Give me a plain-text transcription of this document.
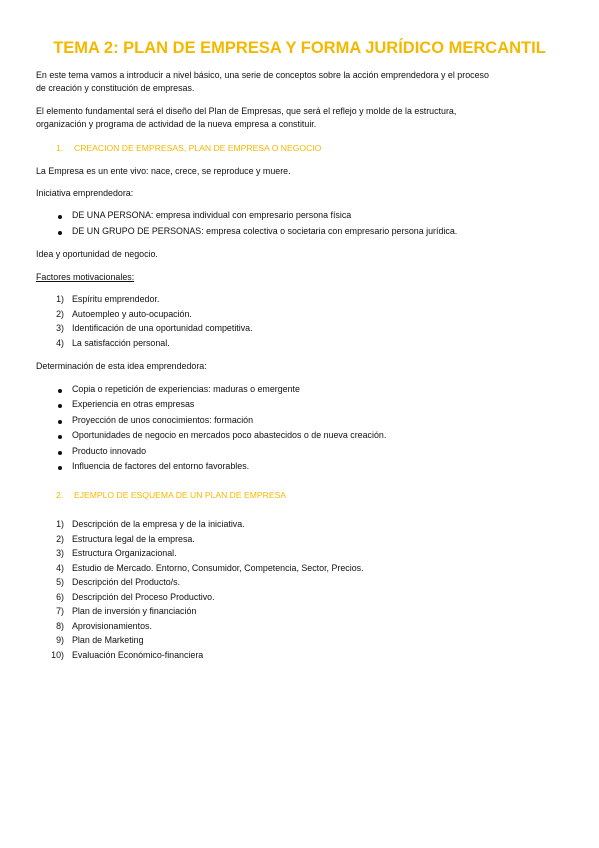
TEMA 2: PLAN DE EMPRESA Y FORMA JURÍDICO MERCANTIL
En este tema vamos a introducir a nivel básico, una serie de conceptos sobre la acción emprendedora y el proceso
de creación y constitución de empresas.
El elemento fundamental será el diseño del Plan de Empresas, que será el reflejo y molde de la estructura,
organización y programa de actividad de la nueva empresa a constituir.
1. CREACION DE EMPRESAS, PLAN DE EMPRESA O NEGOCIO
La Empresa es un ente vivo: nace, crece, se reproduce y muere.
Iniciativa emprendedora:
DE UNA PERSONA: empresa individual con empresario persona física
DE UN GRUPO DE PERSONAS: empresa colectiva o societaria con empresario persona jurídica.
Idea y oportunidad de negocio.
Factores motivacionales:
1) Espíritu emprendedor.
2) Autoempleo y auto-ocupación.
3) Identificación de una oportunidad competitiva.
4) La satisfacción personal.
Determinación de esta idea emprendedora:
Copia o repetición de experiencias: maduras o emergente
Experiencia en otras empresas
Proyección de unos conocimientos: formación
Oportunidades de negocio en mercados poco abastecidos o de nueva creación.
Producto innovado
Influencia de factores del entorno favorables.
2. EJEMPLO DE ESQUEMA DE UN PLAN DE EMPRESA
1) Descripción de la empresa y de la iniciativa.
2) Estructura legal de la empresa.
3) Estructura Organizacional.
4) Estudio de Mercado. Entorno, Consumidor, Competencia, Sector, Precios.
5) Descripción del Producto/s.
6) Descripción del Proceso Productivo.
7) Plan de inversión y financiación
8) Aprovisionamientos.
9) Plan de Marketing
10) Evaluación Económico-financiera
